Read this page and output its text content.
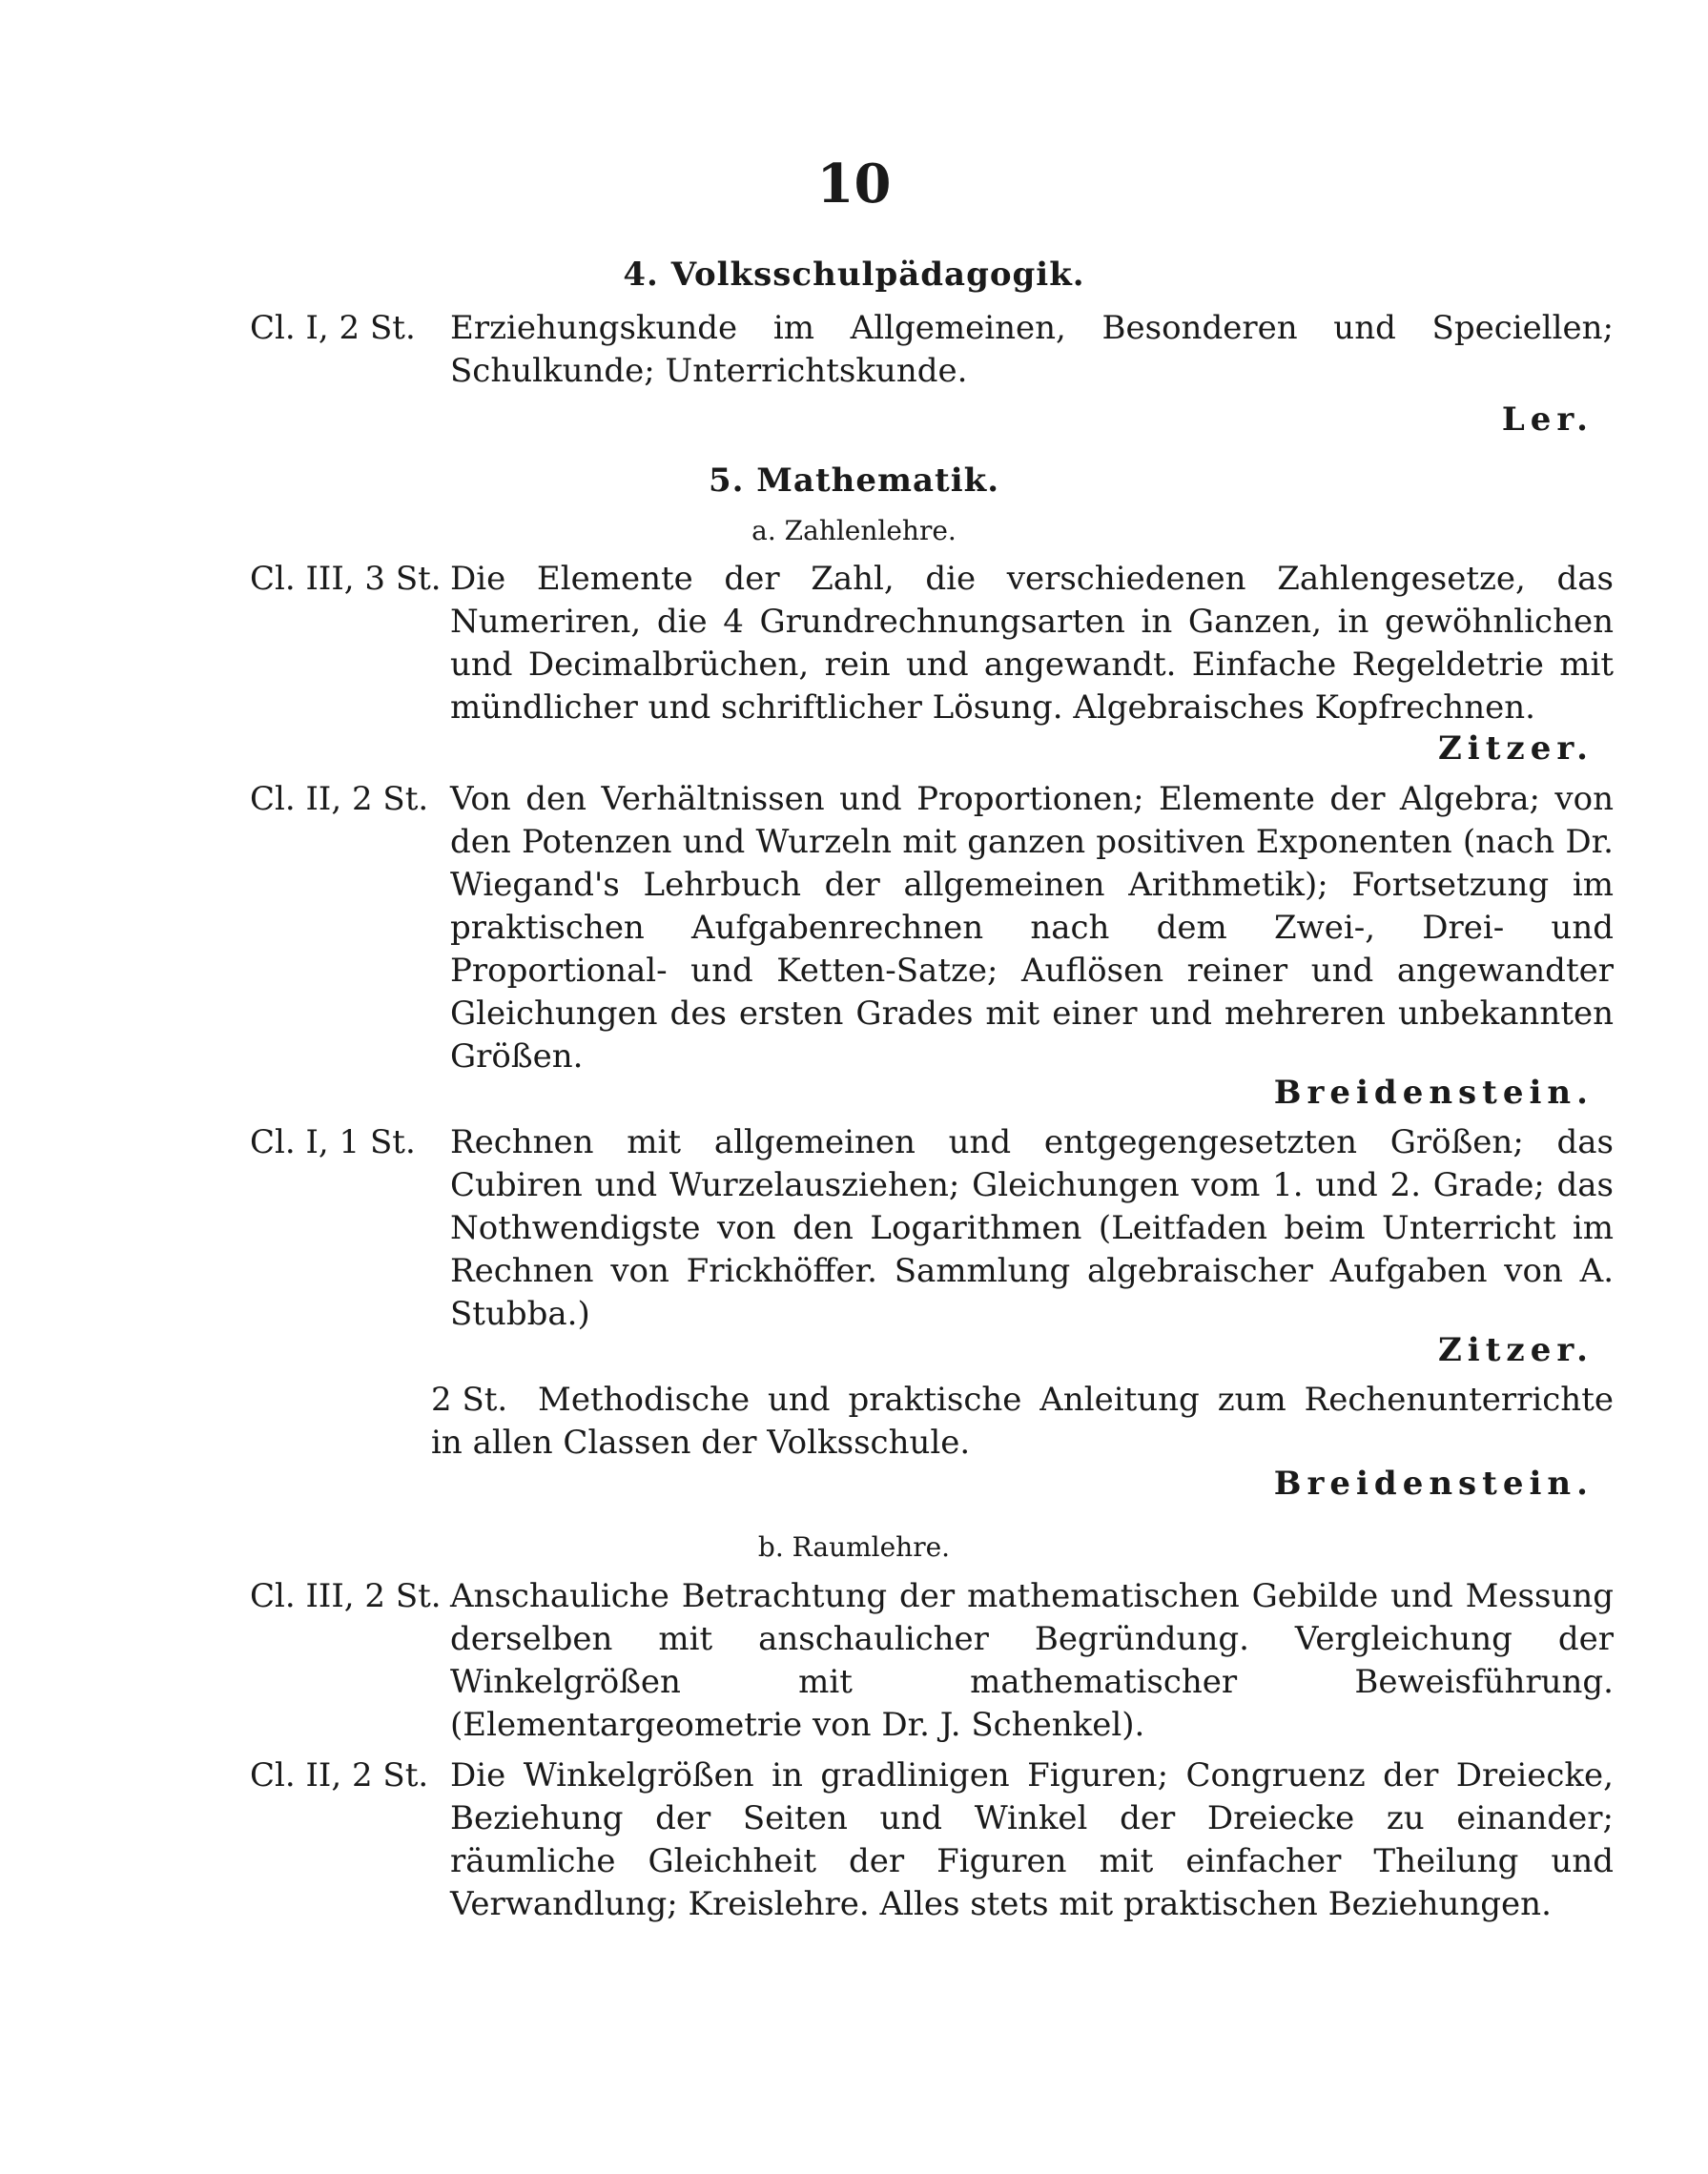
10
4. Volksschulpädagogik.
Cl. I, 2 St. Erziehungskunde im Allgemeinen, Besonderen und Speciellen; Schulkunde; Unterrichtskunde.
Ler.
5. Mathematik.
a. Zahlenlehre.
Cl. III, 3 St. Die Elemente der Zahl, die verschiedenen Zahlengesetze, das Numeriren, die 4 Grundrechnungsarten in Ganzen, in gewöhnlichen und Decimalbrüchen, rein und angewandt. Einfache Regeldetrie mit mündlicher und schriftlicher Lösung. Algebraisches Kopfrechnen.
Zitzer.
Cl. II, 2 St. Von den Verhältnissen und Proportionen; Elemente der Algebra; von den Potenzen und Wurzeln mit ganzen positiven Exponenten (nach Dr. Wiegand's Lehrbuch der allgemeinen Arithmetik); Fortsetzung im praktischen Aufgabenrechnen nach dem Zwei-, Drei- und Proportional- und Ketten-Satze; Auflösen reiner und angewandter Gleichungen des ersten Grades mit einer und mehreren unbekannten Größen.
Breidenstein.
Cl. I, 1 St. Rechnen mit allgemeinen und entgegengesetzten Größen; das Cubiren und Wurzelausziehen; Gleichungen vom 1. und 2. Grade; das Nothwendigste von den Logarithmen (Leitfaden beim Unterricht im Rechnen von Frickhöffer. Sammlung algebraischer Aufgaben von A. Stubba.)
Zitzer.
2 St. Methodische und praktische Anleitung zum Rechenunterrichte in allen Classen der Volksschule.
Breidenstein.
b. Raumlehre.
Cl. III, 2 St. Anschauliche Betrachtung der mathematischen Gebilde und Messung derselben mit anschaulicher Begründung. Vergleichung der Winkelgrößen mit mathematischer Beweisführung. (Elementargeometrie von Dr. J. Schenkel).
Cl. II, 2 St. Die Winkelgrößen in gradlinigen Figuren; Congruenz der Dreiecke, Beziehung der Seiten und Winkel der Dreiecke zu einander; räumliche Gleichheit der Figuren mit einfacher Theilung und Verwandlung; Kreislehre. Alles stets mit praktischen Beziehungen.
